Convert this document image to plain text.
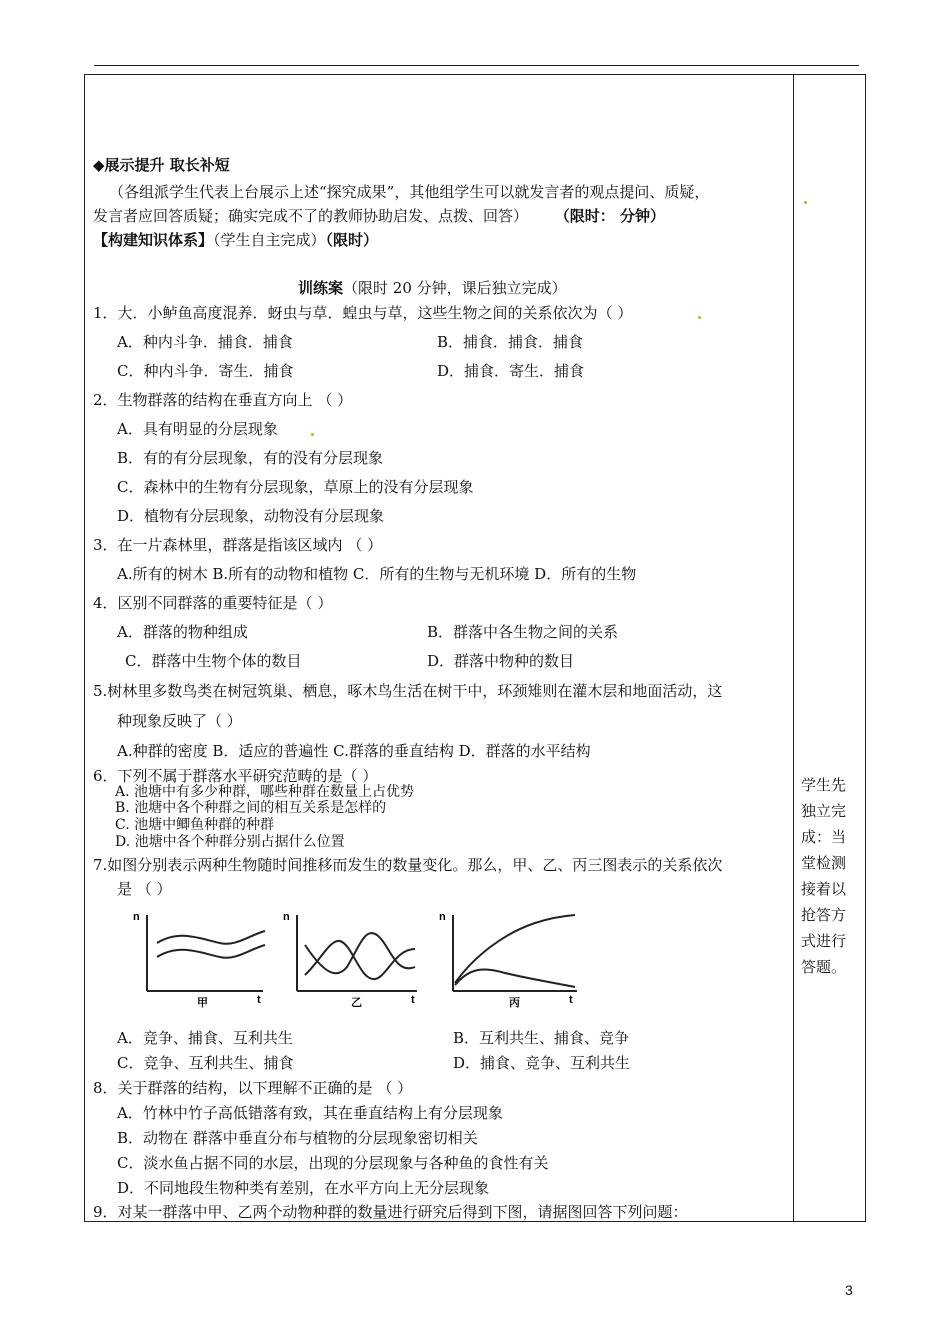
◆展示提升 取长补短
（各组派学生代表上台展示上述“探究成果”，其他组学生可以就发言者的观点提问、质疑，
发言者应回答质疑；确实完成不了的教师协助启发、点拨、回答） （限时： 分钟）
【构建知识体系】（学生自主完成）（限时）
训练案（限时 20 分钟，课后独立完成）
1．大．小鲈鱼高度混养．蚜虫与草．蝗虫与草，这些生物之间的关系依次为（ ）
A．种内斗争．捕食．捕食	B．捕食．捕食．捕食
C．种内斗争．寄生．捕食	D．捕食．寄生．捕食
2．生物群落的结构在垂直方向上 （ ）
A．具有明显的分层现象
B．有的有分层现象，有的没有分层现象
C．森林中的生物有分层现象，草原上的没有分层现象
D．植物有分层现象，动物没有分层现象
3．在一片森林里，群落是指该区域内 （ ）
A.所有的树木 B.所有的动物和植物 C．所有的生物与无机环境 D．所有的生物
4．区别不同群落的重要特征是（ ）
A．群落的物种组成	B．群落中各生物之间的关系
C．群落中生物个体的数目	D．群落中物种的数目
5.树林里多数鸟类在树冠筑巢、栖息，啄木鸟生活在树干中，环颈雉则在灌木层和地面活动，这
种现象反映了（ ）
A.种群的密度 B．适应的普遍性 C.群落的垂直结构 D．群落的水平结构
6．下列不属于群落水平研究范畴的是（ ）
A. 池塘中有多少种群，哪些种群在数量上占优势
B. 池塘中各个种群之间的相互关系是怎样的
C. 池塘中鲫鱼种群的种群
D. 池塘中各个种群分别占据什么位置
7.如图分别表示两种生物随时间推移而发生的数量变化。那么，甲、乙、丙三图表示的关系依次
是 （ ）
n
t
甲
n
t
乙
n
t
丙
A．竞争、捕食、互利共生	B．互利共生、捕食、竞争
C．竞争、互利共生、捕食	D．捕食、竞争、互利共生
8．关于群落的结构，以下理解不正确的是 （ ）
A．竹林中竹子高低错落有致，其在垂直结构上有分层现象
B．动物在 群落中垂直分布与植物的分层现象密切相关
C．淡水鱼占据不同的水层，出现的分层现象与各种鱼的食性有关
D．不同地段生物种类有差别，在水平方向上无分层现象
9．对某一群落中甲、乙两个动物种群的数量进行研究后得到下图，请据图回答下列问题：
学生先独立完成：当堂检测接着以抢答方式进行答题。
3
